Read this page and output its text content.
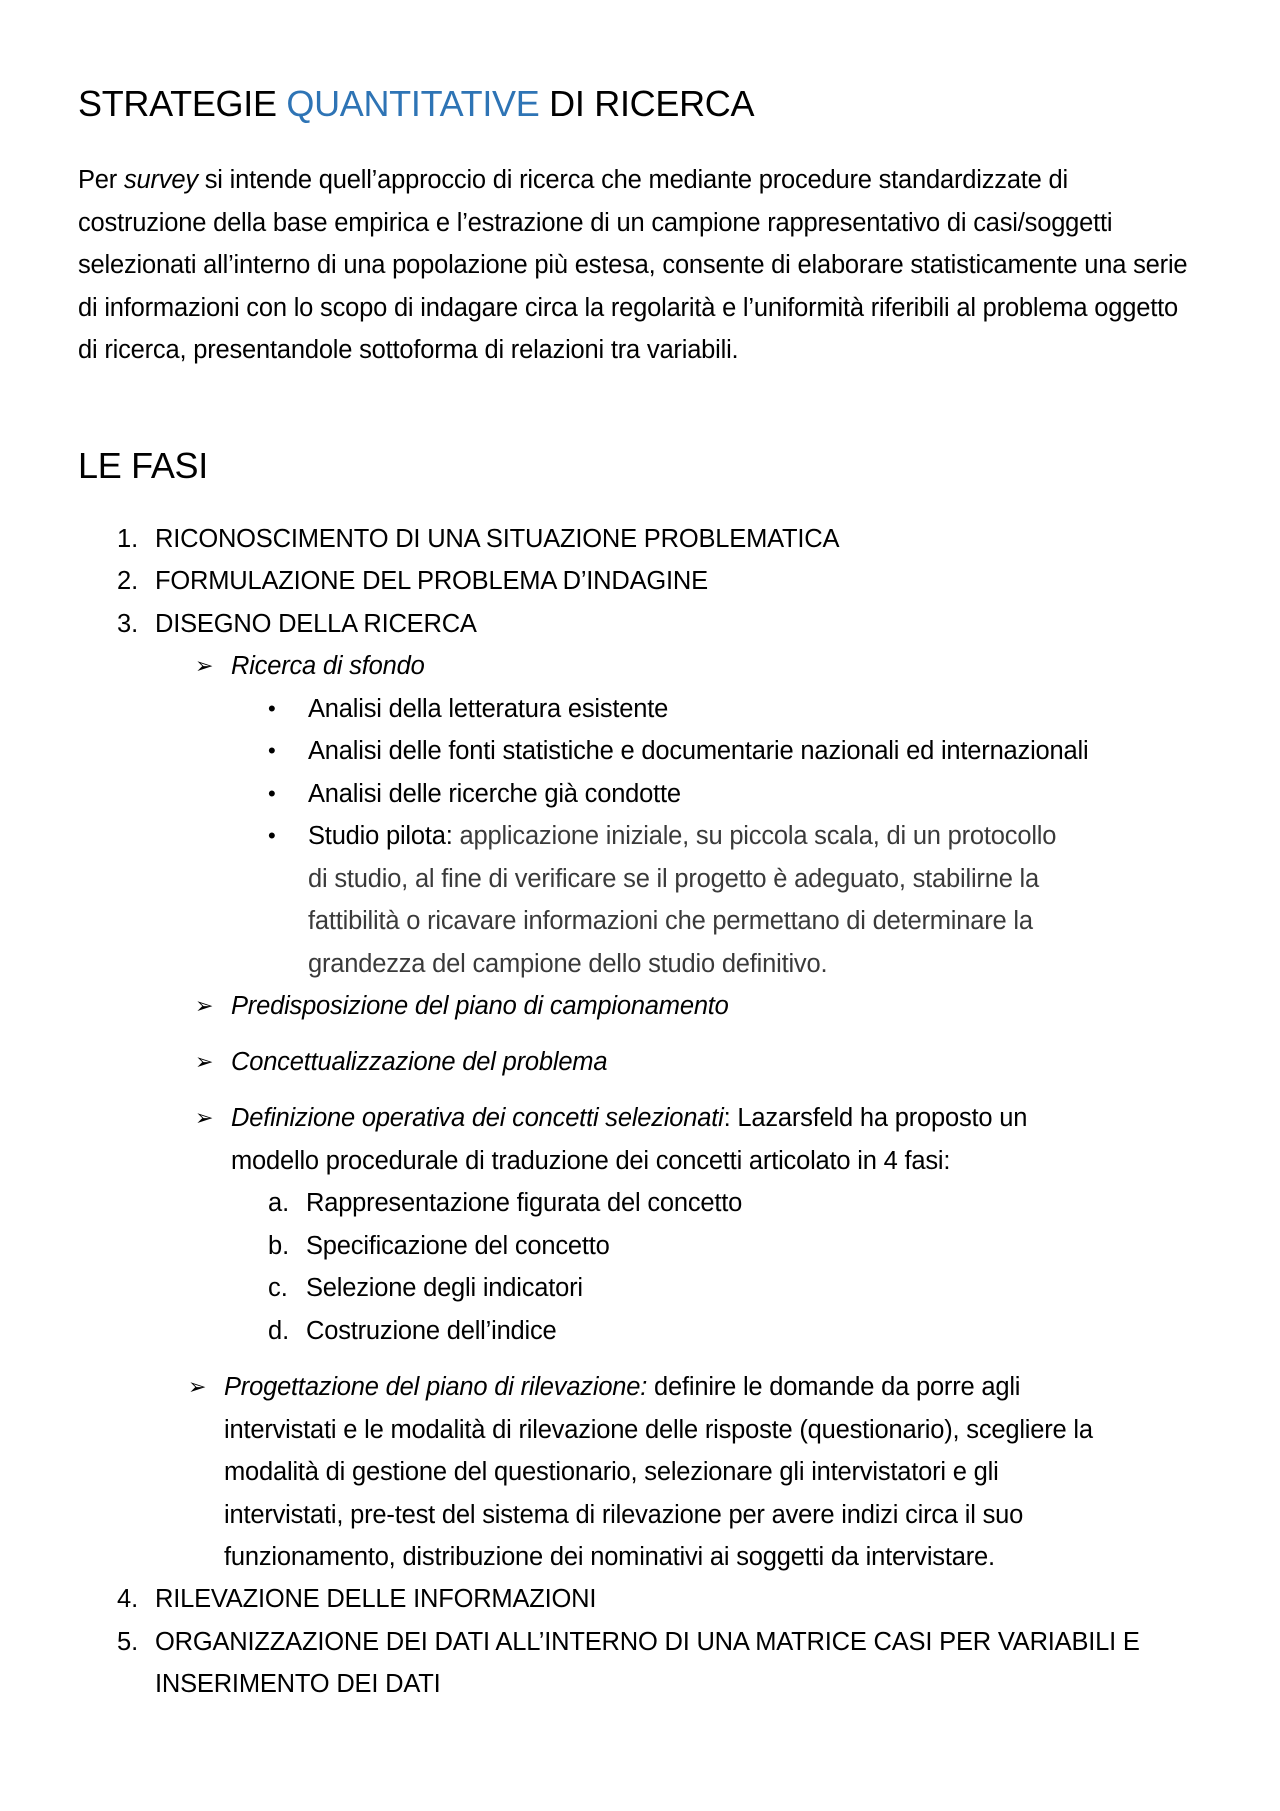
STRATEGIE QUANTITATIVE DI RICERCA

Per survey si intende quell’approccio di ricerca che mediante procedure standardizzate di costruzione della base empirica e l’estrazione di un campione rappresentativo di casi/soggetti selezionati all’interno di una popolazione più estesa, consente di elaborare statisticamente una serie di informazioni con lo scopo di indagare circa la regolarità e l’uniformità riferibili al problema oggetto di ricerca, presentandole sottoforma di relazioni tra variabili.

LE FASI
1. RICONOSCIMENTO DI UNA SITUAZIONE PROBLEMATICA
2. FORMULAZIONE DEL PROBLEMA D’INDAGINE
3. DISEGNO DELLA RICERCA
➢ Ricerca di sfondo
• Analisi della letteratura esistente
• Analisi delle fonti statistiche e documentarie nazionali ed internazionali
• Analisi delle ricerche già condotte
• Studio pilota: applicazione iniziale, su piccola scala, di un protocollo
di studio, al fine di verificare se il progetto è adeguato, stabilirne la
fattibilità o ricavare informazioni che permettano di determinare la
grandezza del campione dello studio definitivo.
➢ Predisposizione del piano di campionamento
➢ Concettualizzazione del problema
➢ Definizione operativa dei concetti selezionati: Lazarsfeld ha proposto un
modello procedurale di traduzione dei concetti articolato in 4 fasi:
a. Rappresentazione figurata del concetto
b. Specificazione del concetto
c. Selezione degli indicatori
d. Costruzione dell’indice
➢ Progettazione del piano di rilevazione: definire le domande da porre agli
intervistati e le modalità di rilevazione delle risposte (questionario), scegliere la
modalità di gestione del questionario, selezionare gli intervistatori e gli
intervistati, pre-test del sistema di rilevazione per avere indizi circa il suo
funzionamento, distribuzione dei nominativi ai soggetti da intervistare.
4. RILEVAZIONE DELLE INFORMAZIONI
5. ORGANIZZAZIONE DEI DATI ALL’INTERNO DI UNA MATRICE CASI PER VARIABILI E
INSERIMENTO DEI DATI
